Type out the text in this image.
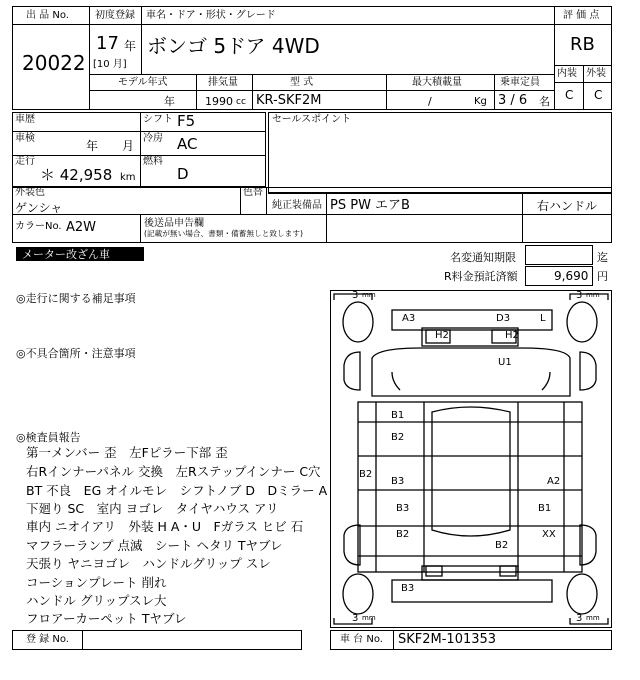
出 品 No.
20022
初度登録 車名・ドア・形状・グレード
17 年
[10 月]
ボンゴ 5ドア 4WD
評 価 点
RB
内装 外装
C C
モデル年式	排気量	型 式	最大積載量	乗車定員
年	1990 cc KR-SKF2M	/	Kg 3 / 6 名
車歴
車検
年 月
走行
＊ 42,958 km
シフト F5
冷房 AC
燃料
D
セールスポイント
外装色
ゲンシャ
色替
純正装備品 PS PW エアB	右ハンドル
カラーNo. A2W	後送品申告欄
(記載が無い場合、書類・備蓄無しと致します)
メーター改ざん車	名変通知期限	迄
R料金預託済額	9,690 円
◎走行に関する補足事項
◎不具合箇所・注意事項
◎検査員報告
第一メンバー 歪　左Fピラー下部 歪
右Rインナーパネル 交換　左Rステップインナー C穴
BT 不良　EG オイルモレ　シフトノブ D　Dミラー A
下廻り SC　室内 ヨゴレ　タイヤハウス アリ
車内 ニオイアリ　外装 H A・U　Fガラス ヒビ 石
マフラーランプ 点滅　シート ヘタリ Tヤブレ
天張り ヤニヨゴレ　ハンドルグリップ スレ
コーションプレート 削れ
ハンドル グリップスレ大
フロアーカーペット Tヤブレ
3 mm	3 mm
3 mm	3 mm
A3	D3	L
H2	H2
U1
B1
B2
B2
B3	A2
B3	B1
B2	XX
B2
B3
登 録 No.	車 台 No. SKF2M-101353
